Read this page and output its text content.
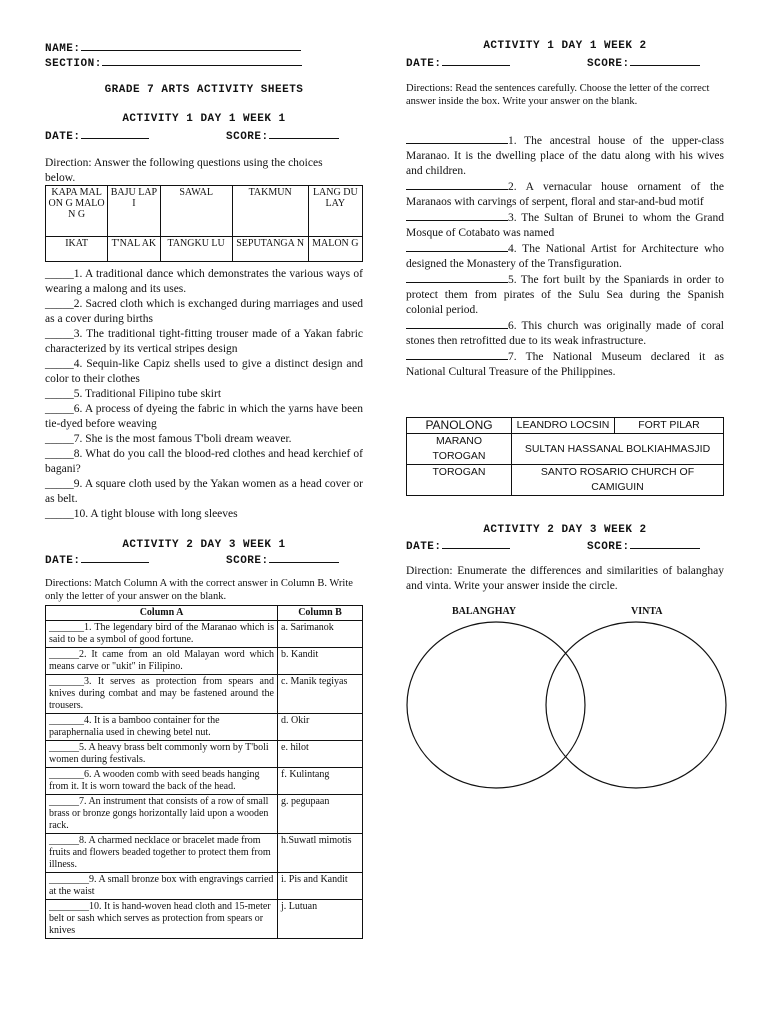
NAME:
SECTION:
GRADE 7 ARTS ACTIVITY SHEETS
ACTIVITY 1 DAY 1 WEEK 1
DATE:	SCORE:
Direction: Answer the following questions using the choices below.
KAPA MALON G MALON G	BAJU LAPI	SAWAL	TAKMUN	LANG DULAY
IKAT	T'NAL AK	TANGKU LU	SEPUTANGA N	MALON G

_____1. A traditional dance which demonstrates the various ways of wearing a malong and its uses.

_____2. Sacred cloth which is exchanged during marriages and used as a cover during births

_____3. The traditional tight-fitting trouser made of a Yakan fabric characterized by its vertical stripes design

_____4. Sequin-like Capiz shells used to give a distinct design and color to their clothes

_____5. Traditional Filipino tube skirt

_____6. A process of dyeing the fabric in which the yarns have been tie-dyed before weaving

_____7. She is the most famous T'boli dream weaver.

_____8. What do you call the blood-red clothes and head kerchief of bagani?

_____9. A square cloth used by the Yakan women as a head cover or as belt.

_____10. A tight blouse with long sleeves

ACTIVITY 2 DAY 3 WEEK 1
DATE:	SCORE:
Directions: Match Column A with the correct answer in Column B. Write only the letter of your answer on the blank.
Column A	Column B
_______1. The legendary bird of the Maranao which is said to be a symbol of good fortune.	a. Sarimanok
______2. It came from an old Malayan word which means carve or "ukit" in Filipino.	b. Kandit
_______3. It serves as protection from spears and knives during combat and may be fastened around the trousers.	c. Manik tegiyas
_______4. It is a bamboo container for the paraphernalia used in chewing betel nut.	d. Okir
______5. A heavy brass belt commonly worn by T'boli women during festivals.	e. hilot
_______6. A wooden comb with seed beads hanging from it. It is worn toward the back of the head.	f. Kulintang
______7. An instrument that consists of a row of small brass or bronze gongs horizontally laid upon a wooden rack.	g. pegupaan
______8. A charmed necklace or bracelet made from fruits and flowers beaded together to protect them from illness.	h.Suwatl mimotis
________9. A small bronze box with engravings carried at the waist	i. Pis and Kandit
________10. It is hand-woven head cloth and 15-meter belt or sash which serves as protection from spears or knives	j. Lutuan
ACTIVITY 1 DAY 1 WEEK 2
DATE:	SCORE:
Directions: Read the sentences carefully. Choose the letter of the correct answer inside the box. Write your answer on the blank.

1. The ancestral house of the upper-class Maranao. It is the dwelling place of the datu along with his wives and children.

2. A vernacular house ornament of the Maranaos with carvings of serpent, floral and star-and-bud motif

3. The Sultan of Brunei to whom the Grand Mosque of Cotabato was named

4. The National Artist for Architecture who designed the Monastery of the Transfiguration.

5. The fort built by the Spaniards in order to protect them from pirates of the Sulu Sea during the Spanish colonial period.

6. This church was originally made of coral stones then retrofitted due to its weak infrastructure.

7. The National Museum declared it as National Cultural Treasure of the Philippines.

PANOLONG	LEANDRO LOCSIN	FORT PILAR
MARANO TOROGAN	SULTAN HASSANAL BOLKIAHMASJID	
TOROGAN	SANTO ROSARIO CHURCH OF CAMIGUIN	
ACTIVITY 2 DAY 3 WEEK 2
DATE:	SCORE:
Direction: Enumerate the differences and similarities of balanghay and vinta. Write your answer inside the circle.
BALANGHAY	VINTA
